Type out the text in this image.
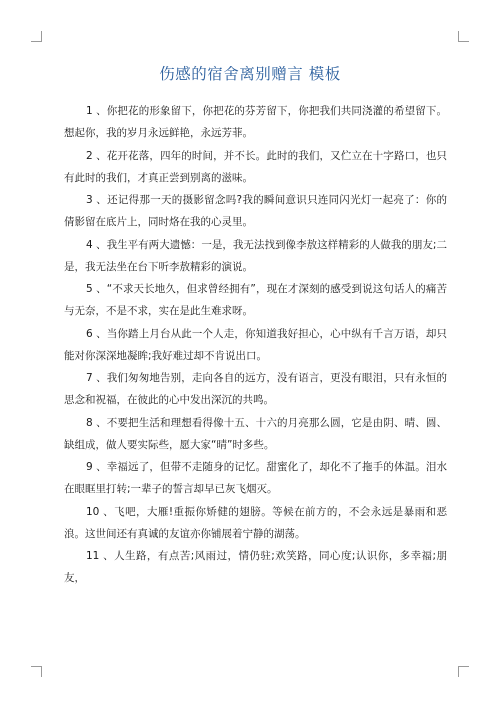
伤感的宿舍离别赠言 模板

1 、你把花的形象留下，你把花的芬芳留下，你把我们共同浇灌的希望留下。想起你，我的岁月永远鲜艳，永远芳菲。

2 、花开花落，四年的时间，并不长。此时的我们，又伫立在十字路口，也只有此时的我们，才真正尝到别离的滋味。

3 、还记得那一天的摄影留念吗?我的瞬间意识只连同闪光灯一起亮了：你的倩影留在底片上，同时烙在我的心灵里。

4 、我生平有两大遗憾：一是，我无法找到像李敖这样精彩的人做我的朋友;二是，我无法坐在台下听李敖精彩的演说。

5 、“不求天长地久，但求曾经拥有”，现在才深刻的感受到说这句话人的痛苦与无奈，不是不求，实在是此生难求呀。

6 、当你踏上月台从此一个人走，你知道我好担心，心中纵有千言万语，却只能对你深深地凝眸;我好难过却不肯说出口。

7 、我们匆匆地告别，走向各自的远方，没有语言，更没有眼泪，只有永恒的思念和祝福，在彼此的心中发出深沉的共鸣。

8 、不要把生活和理想看得像十五、十六的月亮那么圆，它是由阴、晴、圆、缺组成，做人要实际些，愿大家“晴”时多些。

9 、幸福远了，但带不走随身的记忆。甜蜜化了，却化不了拖手的体温。泪水在眼眶里打转;一辈子的誓言却早已灰飞烟灭。

10 、飞吧，大雁!重振你矫健的翅膀。等候在前方的，不会永远是暴雨和恶浪。这世间还有真诚的友谊亦你铺展着宁静的湖荡。

11 、人生路，有点苦;风雨过，情仍驻;欢笑路，同心度;认识你，多幸福;朋友，
